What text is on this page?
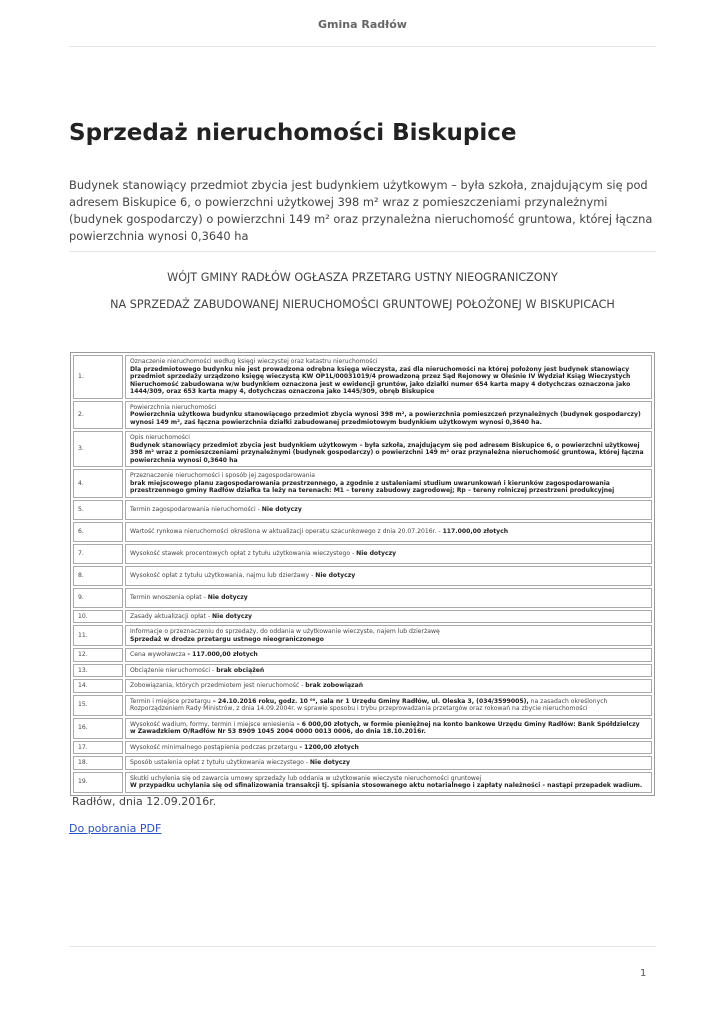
Gmina Radłów
Sprzedaż nieruchomości Biskupice

Budynek stanowiący przedmiot zbycia jest budynkiem użytkowym – była szkoła, znajdującym się pod adresem Biskupice 6, o powierzchni użytkowej 398 m² wraz z pomieszczeniami przynależnymi (budynek gospodarczy) o powierzchni 149 m² oraz przynależna nieruchomość gruntowa, której łączna powierzchnia wynosi 0,3640 ha

WÓJT GMINY RADŁÓW OGŁASZA PRZETARG USTNY NIEOGRANICZONY
NA SPRZEDAŻ ZABUDOWANEJ NIERUCHOMOŚCI GRUNTOWEJ POŁOŻONEJ W BISKUPICACH
1.	Oznaczenie nieruchomości według księgi wieczystej oraz katastru nieruchomości
Dla przedmiotowego budynku nie jest prowadzona odrębna księga wieczysta, zaś dla nieruchomości na której położony jest budynek stanowiący przedmiot sprzedaży urządzono księgę wieczystą KW OP1L/00031019/4 prowadzoną przez Sąd Rejonowy w Oleśnie IV Wydział Ksiąg Wieczystych Nieruchomość zabudowana w/w budynkiem oznaczona jest w ewidencji gruntów, jako działki numer 654 karta mapy 4 dotychczas oznaczona jako 1444/309, oraz 653 karta mapy 4, dotychczas oznaczona jako 1445/309, obręb Biskupice

2.	Powierzchnia nieruchomości
Powierzchnia użytkowa budynku stanowiącego przedmiot zbycia wynosi 398 m², a powierzchnia pomieszczeń przynależnych (budynek gospodarczy) wynosi 149 m², zaś łączna powierzchnia działki zabudowanej przedmiotowym budynkiem użytkowym wynosi 0,3640 ha.

3.	Opis nieruchomości
Budynek stanowiący przedmiot zbycia jest budynkiem użytkowym – była szkoła, znajdującym się pod adresem Biskupice 6, o powierzchni użytkowej 398 m² wraz z pomieszczeniami przynależnymi (budynek gospodarczy) o powierzchni 149 m² oraz przynależna nieruchomość gruntowa, której łączna powierzchnia wynosi 0,3640 ha

4.	Przeznaczenie nieruchomości i sposób jej zagospodarowania
brak miejscowego planu zagospodarowania przestrzennego, a zgodnie z ustaleniami studium uwarunkowań i kierunków zagospodarowania przestrzennego gminy Radłów działka ta leży na terenach: M1 – tereny zabudowy zagrodowej; Rp – tereny rolniczej przestrzeni produkcyjnej

5.	Termin zagospodarowania nieruchomości - Nie dotyczy
6.	Wartość rynkowa nieruchomości określona w aktualizacji operatu szacunkowego z dnia 20.07.2016r. - 117.000,00 złotych
7.	Wysokość stawek procentowych opłat z tytułu użytkowania wieczystego - Nie dotyczy
8.	Wysokość opłat z tytułu użytkowania, najmu lub dzierżawy - Nie dotyczy
9.	Termin wnoszenia opłat - Nie dotyczy
10.	Zasady aktualizacji opłat - Nie dotyczy
11.	Informacje o przeznaczeniu do sprzedaży, do oddania w użytkowanie wieczyste, najem lub dzierżawę
Sprzedaż w drodze przetargu ustnego nieograniczonego

12.	Cena wywoławcza - 117.000,00 złotych
13.	Obciążenie nieruchomości - brak obciążeń
14.	Zobowiązania, których przedmiotem jest nieruchomość - brak zobowiązań
15.	Termin i miejsce przetargu – 24.10.2016 roku, godz. 10 ⁰⁰, sala nr 1 Urzędu Gminy Radłów, ul. Oleska 3, (034/3599005), na zasadach określonych Rozporządzeniem Rady Ministrów, z dnia 14.09.2004r. w sprawie sposobu i trybu przeprowadzania przetargów oraz rokowań na zbycie nieruchomości
16.	Wysokość wadium, formy, termin i miejsce wniesienia – 6 000,00 złotych, w formie pieniężnej na konto bankowe Urzędu Gminy Radłów: Bank Spółdzielczy w Zawadzkiem O/Radłów Nr 53 8909 1045 2004 0000 0013 0006, do dnia 18.10.2016r.
17.	Wysokość minimalnego postąpienia podczas przetargu - 1200,00 złotych
18.	Sposób ustalenia opłat z tytułu użytkowania wieczystego - Nie dotyczy
19.	Skutki uchylenia się od zawarcia umowy sprzedaży lub oddania w użytkowanie wieczyste nieruchomości gruntowej
W przypadku uchylania się od sfinalizowania transakcji tj. spisania stosowanego aktu notarialnego i zapłaty należności - nastąpi przepadek wadium.
Radłów, dnia 12.09.2016r.
Do pobrania PDF
1
